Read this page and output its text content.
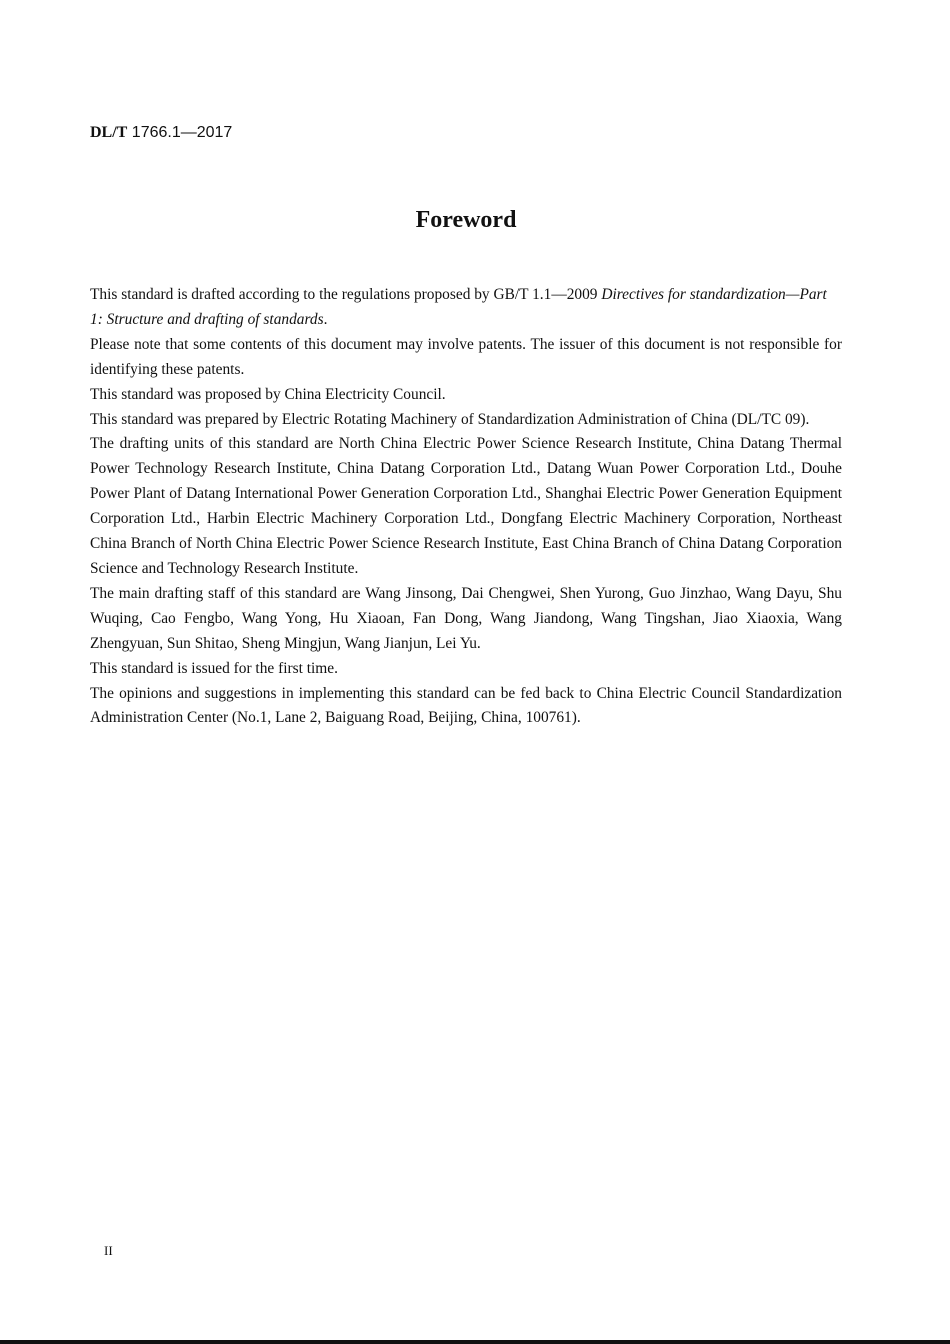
DL/T 1766.1—2017
Foreword

This standard is drafted according to the regulations proposed by GB/T 1.1—2009 Directives for standardization—Part 1: Structure and drafting of standards.

Please note that some contents of this document may involve patents. The issuer of this document is not responsible for identifying these patents.

This standard was proposed by China Electricity Council.

This standard was prepared by Electric Rotating Machinery of Standardization Administration of China (DL/TC 09).

The drafting units of this standard are North China Electric Power Science Research Institute, China Datang Thermal Power Technology Research Institute, China Datang Corporation Ltd., Datang Wuan Power Corporation Ltd., Douhe Power Plant of Datang International Power Generation Corporation Ltd., Shanghai Electric Power Generation Equipment Corporation Ltd., Harbin Electric Machinery Corporation Ltd., Dongfang Electric Machinery Corporation, Northeast China Branch of North China Electric Power Science Research Institute, East China Branch of China Datang Corporation Science and Technology Research Institute.

The main drafting staff of this standard are Wang Jinsong, Dai Chengwei, Shen Yurong, Guo Jinzhao, Wang Dayu, Shu Wuqing, Cao Fengbo, Wang Yong, Hu Xiaoan, Fan Dong, Wang Jiandong, Wang Tingshan, Jiao Xiaoxia, Wang Zhengyuan, Sun Shitao, Sheng Mingjun, Wang Jianjun, Lei Yu.

This standard is issued for the first time.

The opinions and suggestions in implementing this standard can be fed back to China Electric Council Standardization Administration Center (No.1, Lane 2, Baiguang Road, Beijing, China, 100761).

II
